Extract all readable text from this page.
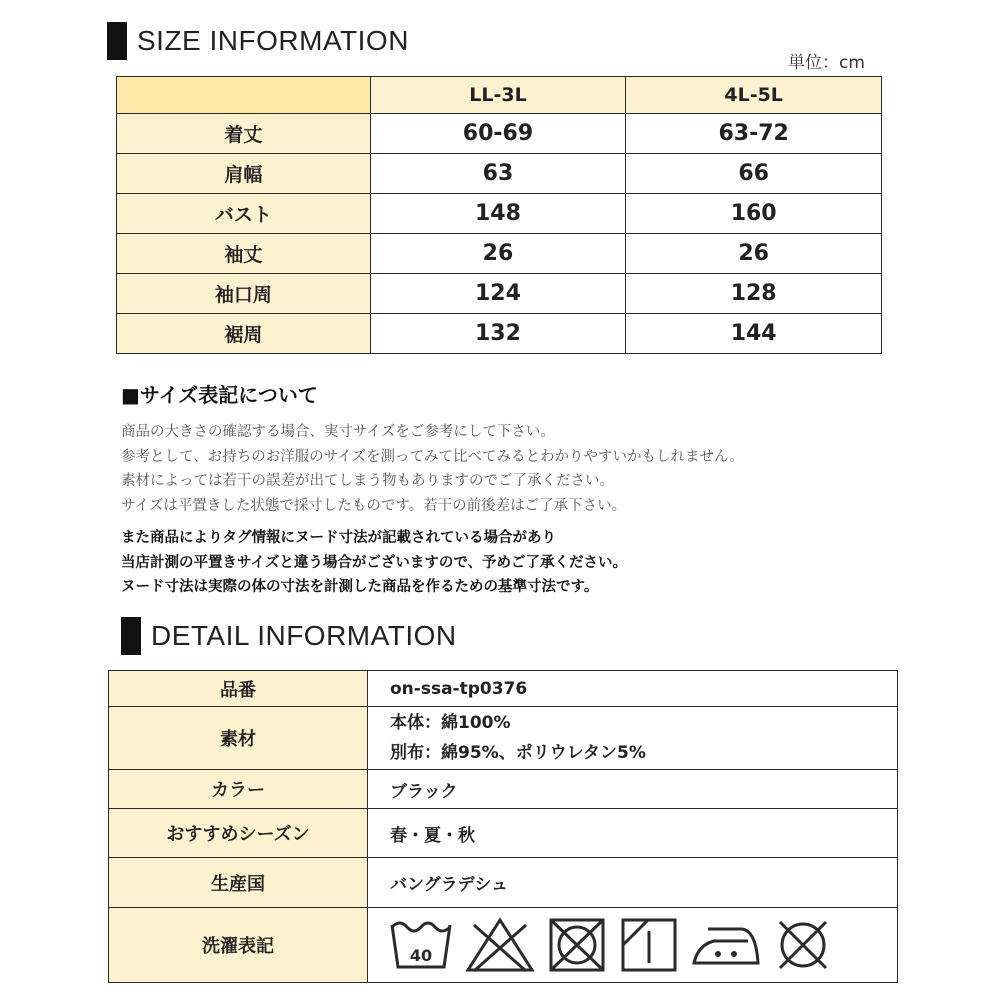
SIZE INFORMATION
単位：cm
	LL-3L	4L-5L
着丈	60-69	63-72
肩幅	63	66
バスト	148	160
袖丈	26	26
袖口周	124	128
裾周	132	144
■サイズ表記について

商品の大きさの確認する場合、実寸サイズをご参考にして下さい。

参考として、お持ちのお洋服のサイズを測ってみて比べてみるとわかりやすいかもしれません。

素材によっては若干の誤差が出てしまう物もありますのでご了承ください。

サイズは平置きした状態で採寸したものです。若干の前後差はご了承下さい。

また商品によりタグ情報にヌード寸法が記載されている場合があり

当店計測の平置きサイズと違う場合がございますので、予めご了承ください。

ヌード寸法は実際の体の寸法を計測した商品を作るための基準寸法です。

DETAIL INFORMATION
品番	on-ssa-tp0376
素材	本体：綿100%

別布：綿95%、ポリウレタン5%

カラー	ブラック
おすすめシーズン	春・夏・秋
生産国	バングラデシュ
洗濯表記	40
